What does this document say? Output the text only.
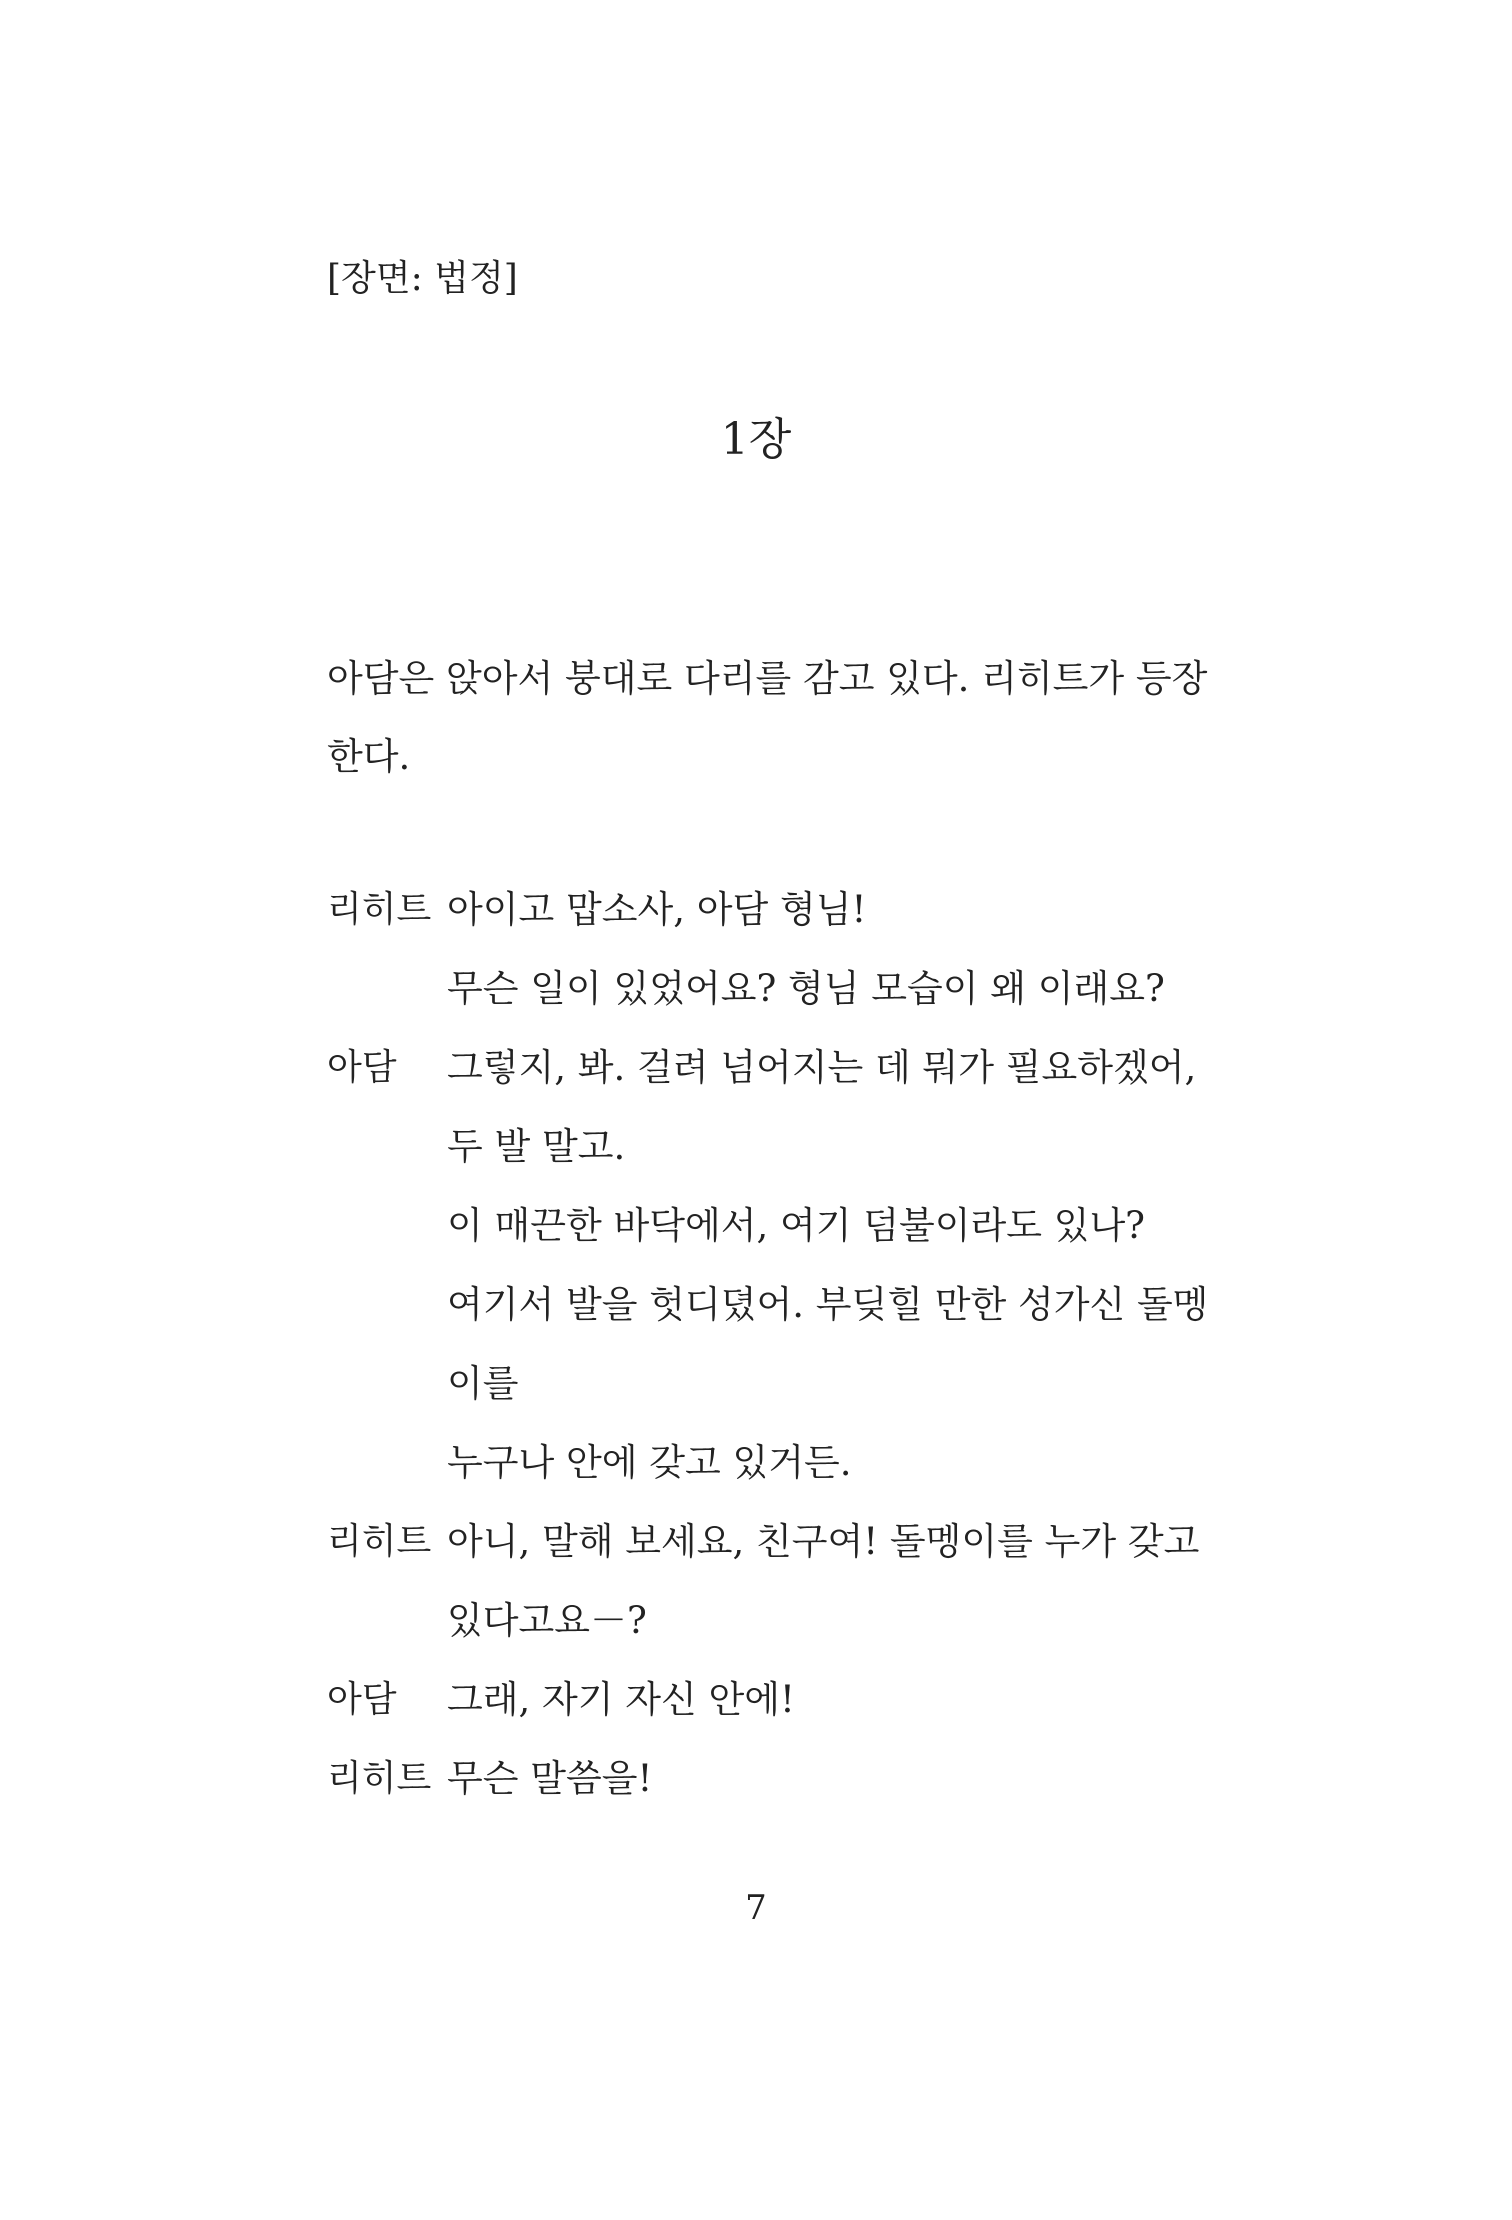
[장면: 법정]
1장
아담은 앉아서 붕대로 다리를 감고 있다. 리히트가 등장
한다.
리히트 아이고 맙소사, 아담 형님!
무슨 일이 있었어요? 형님 모습이 왜 이래요?
아담 그렇지, 봐. 걸려 넘어지는 데 뭐가 필요하겠어,
두 발 말고.
이 매끈한 바닥에서, 여기 덤불이라도 있나?
여기서 발을 헛디뎠어. 부딪힐 만한 성가신 돌멩
이를
누구나 안에 갖고 있거든.
리히트 아니, 말해 보세요, 친구여! 돌멩이를 누가 갖고
있다고요－?
아담 그래, 자기 자신 안에!
리히트 무슨 말씀을!
7
